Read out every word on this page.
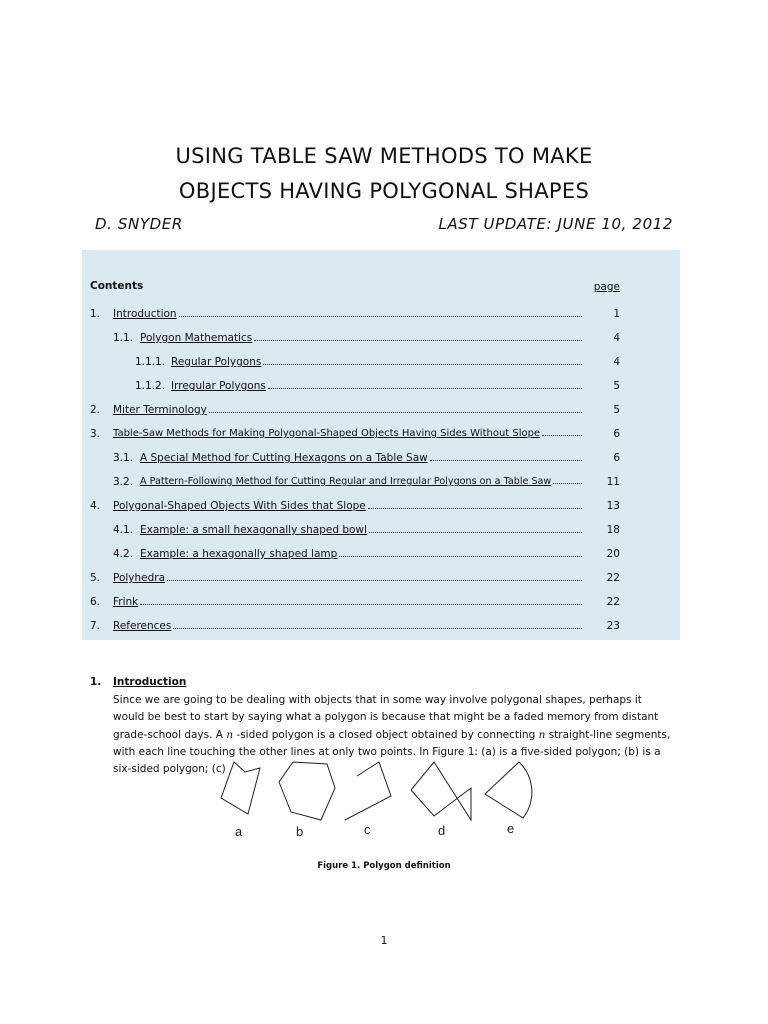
USING TABLE SAW METHODS TO MAKE
OBJECTS HAVING POLYGONAL SHAPES
D. SNYDER	LAST UPDATE: JUNE 10, 2012
Contents	page
1. Introduction	1
1.1. Polygon Mathematics	4
1.1.1. Regular Polygons	4
1.1.2. Irregular Polygons	5
2. Miter Terminology	5
3. Table-Saw Methods for Making Polygonal-Shaped Objects Having Sides Without Slope	6
3.1. A Special Method for Cutting Hexagons on a Table Saw	6
3.2. A Pattern-Following Method for Cutting Regular and Irregular Polygons on a Table Saw	11
4. Polygonal-Shaped Objects With Sides that Slope	13
4.1. Example: a small hexagonally shaped bowl	18
4.2. Example: a hexagonally shaped lamp	20
5. Polyhedra	22
6. Frink	22
7. References	23
1. Introduction
Since we are going to be dealing with objects that in some way involve polygonal shapes, perhaps it would be best to start by saying what a polygon is because that might be a faded memory from distant grade-school days. A n -sided polygon is a closed object obtained by connecting n straight-line segments, with each line touching the other lines at only two points. In Figure 1: (a) is a five-sided polygon; (b) is a six-sided polygon; (c)
a	b	c	d	e
Figure 1. Polygon definition
1
